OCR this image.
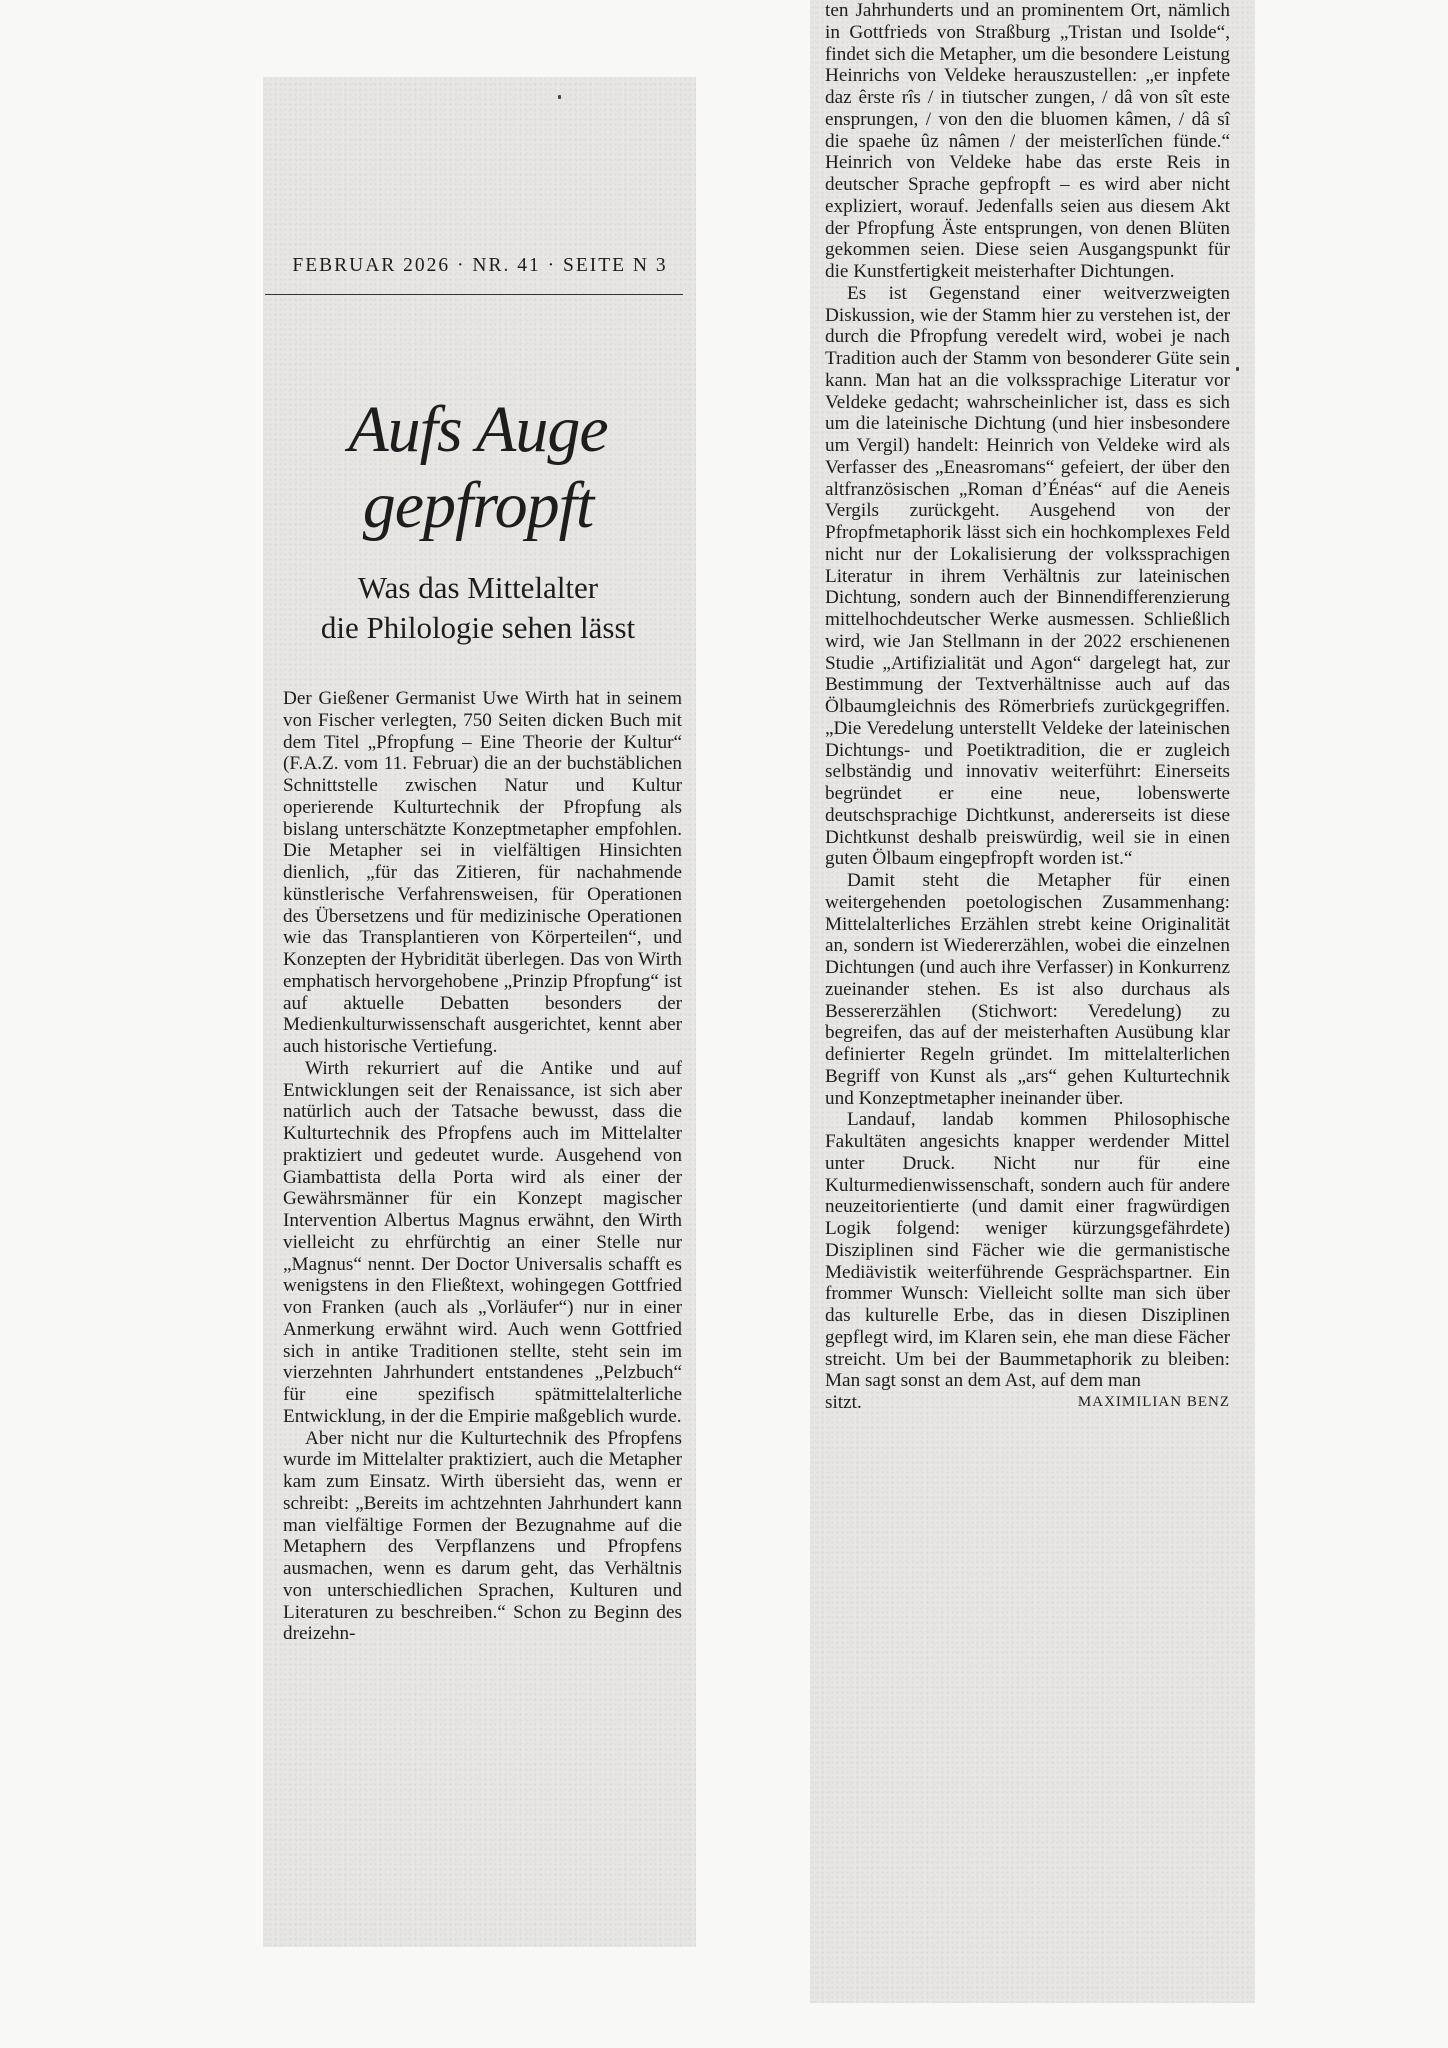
FEBRUAR 2026 · NR. 41 · SEITE N 3
Aufs Auge
gepfropft
Was das Mittelalter
die Philologie sehen lässt

Der Gießener Germanist Uwe Wirth hat in seinem von Fischer verlegten, 750 Seiten dicken Buch mit dem Titel „Pfropfung – Eine Theorie der Kultur“ (F.A.Z. vom 11. Februar) die an der buchstäblichen Schnittstelle zwischen Natur und Kultur operierende Kulturtechnik der Pfropfung als bislang unterschätzte Konzeptmetapher empfohlen. Die Metapher sei in vielfältigen Hinsichten dienlich, „für das Zitieren, für nachahmende künstlerische Verfahrensweisen, für Operationen des Übersetzens und für medizinische Operationen wie das Transplantieren von Körperteilen“, und Konzepten der Hybridität überlegen. Das von Wirth emphatisch hervorgehobene „Prinzip Pfropfung“ ist auf aktuelle Debatten besonders der Medienkulturwissenschaft ausgerichtet, kennt aber auch historische Vertiefung.

Wirth rekurriert auf die Antike und auf Entwicklungen seit der Renaissance, ist sich aber natürlich auch der Tatsache bewusst, dass die Kulturtechnik des Pfropfens auch im Mittelalter praktiziert und gedeutet wurde. Ausgehend von Giambattista della Porta wird als einer der Gewährsmänner für ein Konzept magischer Intervention Albertus Magnus erwähnt, den Wirth vielleicht zu ehrfürchtig an einer Stelle nur „Magnus“ nennt. Der Doctor Universalis schafft es wenigstens in den Fließtext, wohingegen Gottfried von Franken (auch als „Vorläufer“) nur in einer Anmerkung erwähnt wird. Auch wenn Gottfried sich in antike Traditionen stellte, steht sein im vierzehnten Jahrhundert entstandenes „Pelzbuch“ für eine spezifisch spätmittelalterliche Entwicklung, in der die Empirie maßgeblich wurde.

Aber nicht nur die Kulturtechnik des Pfropfens wurde im Mittelalter praktiziert, auch die Metapher kam zum Einsatz. Wirth übersieht das, wenn er schreibt: „Bereits im achtzehnten Jahrhundert kann man vielfältige Formen der Bezugnahme auf die Metaphern des Verpflanzens und Pfropfens ausmachen, wenn es darum geht, das Verhältnis von unterschiedlichen Sprachen, Kulturen und Literaturen zu beschreiben.“ Schon zu Beginn des dreizehn-

ten Jahrhunderts und an prominentem Ort, nämlich in Gottfrieds von Straßburg „Tristan und Isolde“, findet sich die Metapher, um die besondere Leistung Heinrichs von Veldeke herauszustellen: „er inpfete daz êrste rîs / in tiutscher zungen, / dâ von sît este ensprungen, / von den die bluomen kâmen, / dâ sî die spaehe ûz nâmen / der meisterlîchen fünde.“ Heinrich von Veldeke habe das erste Reis in deutscher Sprache gepfropft – es wird aber nicht expliziert, worauf. Jedenfalls seien aus diesem Akt der Pfropfung Äste entsprungen, von denen Blüten gekommen seien. Diese seien Ausgangspunkt für die Kunstfertigkeit meisterhafter Dichtungen.

Es ist Gegenstand einer weitverzweigten Diskussion, wie der Stamm hier zu verstehen ist, der durch die Pfropfung veredelt wird, wobei je nach Tradition auch der Stamm von besonderer Güte sein kann. Man hat an die volkssprachige Literatur vor Veldeke gedacht; wahrscheinlicher ist, dass es sich um die lateinische Dichtung (und hier insbesondere um Vergil) handelt: Heinrich von Veldeke wird als Verfasser des „Eneasromans“ gefeiert, der über den altfranzösischen „Roman d’Énéas“ auf die Aeneis Vergils zurückgeht. Ausgehend von der Pfropfmetaphorik lässt sich ein hochkomplexes Feld nicht nur der Lokalisierung der volkssprachigen Literatur in ihrem Verhältnis zur lateinischen Dichtung, sondern auch der Binnendifferenzierung mittelhochdeutscher Werke ausmessen. Schließlich wird, wie Jan Stellmann in der 2022 erschienenen Studie „Artifizialität und Agon“ dargelegt hat, zur Bestimmung der Textverhältnisse auch auf das Ölbaumgleichnis des Römerbriefs zurückgegriffen. „Die Veredelung unterstellt Veldeke der lateinischen Dichtungs- und Poetiktradition, die er zugleich selbständig und innovativ weiterführt: Einerseits begründet er eine neue, lobenswerte deutschsprachige Dichtkunst, andererseits ist diese Dichtkunst deshalb preiswürdig, weil sie in einen guten Ölbaum eingepfropft worden ist.“

Damit steht die Metapher für einen weitergehenden poetologischen Zusammenhang: Mittelalterliches Erzählen strebt keine Originalität an, sondern ist Wiedererzählen, wobei die einzelnen Dichtungen (und auch ihre Verfasser) in Konkurrenz zueinander stehen. Es ist also durchaus als Bessererzählen (Stichwort: Veredelung) zu begreifen, das auf der meisterhaften Ausübung klar definierter Regeln gründet. Im mittelalterlichen Begriff von Kunst als „ars“ gehen Kulturtechnik und Konzeptmetapher ineinander über.

Landauf, landab kommen Philosophische Fakultäten angesichts knapper werdender Mittel unter Druck. Nicht nur für eine Kulturmedienwissenschaft, sondern auch für andere neuzeitorientierte (und damit einer fragwürdigen Logik folgend: weniger kürzungsgefährdete) Disziplinen sind Fächer wie die germanistische Mediävistik weiterführende Gesprächspartner. Ein frommer Wunsch: Vielleicht sollte man sich über das kulturelle Erbe, das in diesen Disziplinen gepflegt wird, im Klaren sein, ehe man diese Fächer streicht. Um bei der Baummetaphorik zu bleiben: Man sagt sonst an dem Ast, auf dem man

sitzt.	MAXIMILIAN BENZ
